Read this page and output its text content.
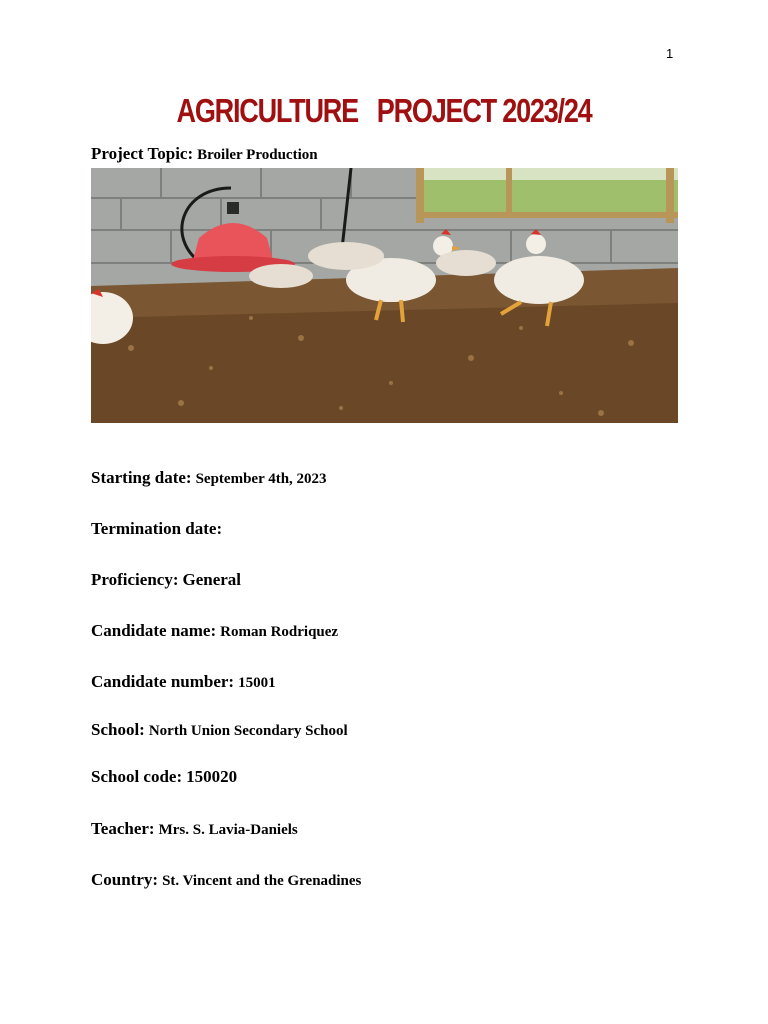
1
AGRICULTURE   PROJECT 2023/24

Project Topic: Broiler Production

Starting date: September 4th, 2023

Termination date:

Proficiency: General

Candidate name: Roman Rodriquez

Candidate number: 15001

School: North Union Secondary School

School code: 150020

Teacher: Mrs. S. Lavia-Daniels

Country: St. Vincent and the Grenadines
